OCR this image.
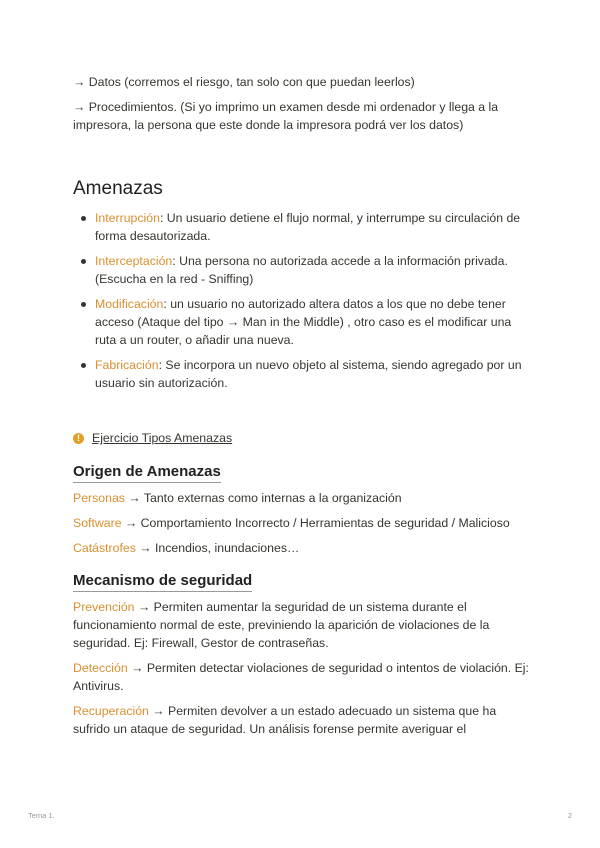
→ Datos (corremos el riesgo, tan solo con que puedan leerlos)

→ Procedimientos. (Si yo imprimo un examen desde mi ordenador y llega a la impresora, la persona que este donde la impresora podrá ver los datos)

Amenazas
Interrupción: Un usuario detiene el flujo normal, y interrumpe su circulación de forma desautorizada.
Interceptación: Una persona no autorizada accede a la información privada. (Escucha en la red - Sniffing)
Modificación: un usuario no autorizado altera datos a los que no debe tener acceso (Ataque del tipo → Man in the Middle) , otro caso es el modificar una ruta a un router, o añadir una nueva.
Fabricación: Se incorpora un nuevo objeto al sistema, siendo agregado por un usuario sin autorización.
! Ejercicio Tipos Amenazas
Origen de Amenazas

Personas → Tanto externas como internas a la organización

Software → Comportamiento Incorrecto / Herramientas de seguridad / Malicioso

Catástrofes → Incendios, inundaciones…

Mecanismo de seguridad

Prevención → Permiten aumentar la seguridad de un sistema durante el funcionamiento normal de este, previniendo la aparición de violaciones de la seguridad. Ej: Firewall, Gestor de contraseñas.

Detección → Permiten detectar violaciones de seguridad o intentos de violación. Ej: Antivirus.

Recuperación → Permiten devolver a un estado adecuado un sistema que ha sufrido un ataque de seguridad. Un análisis forense permite averiguar el

Tema 1.	2
